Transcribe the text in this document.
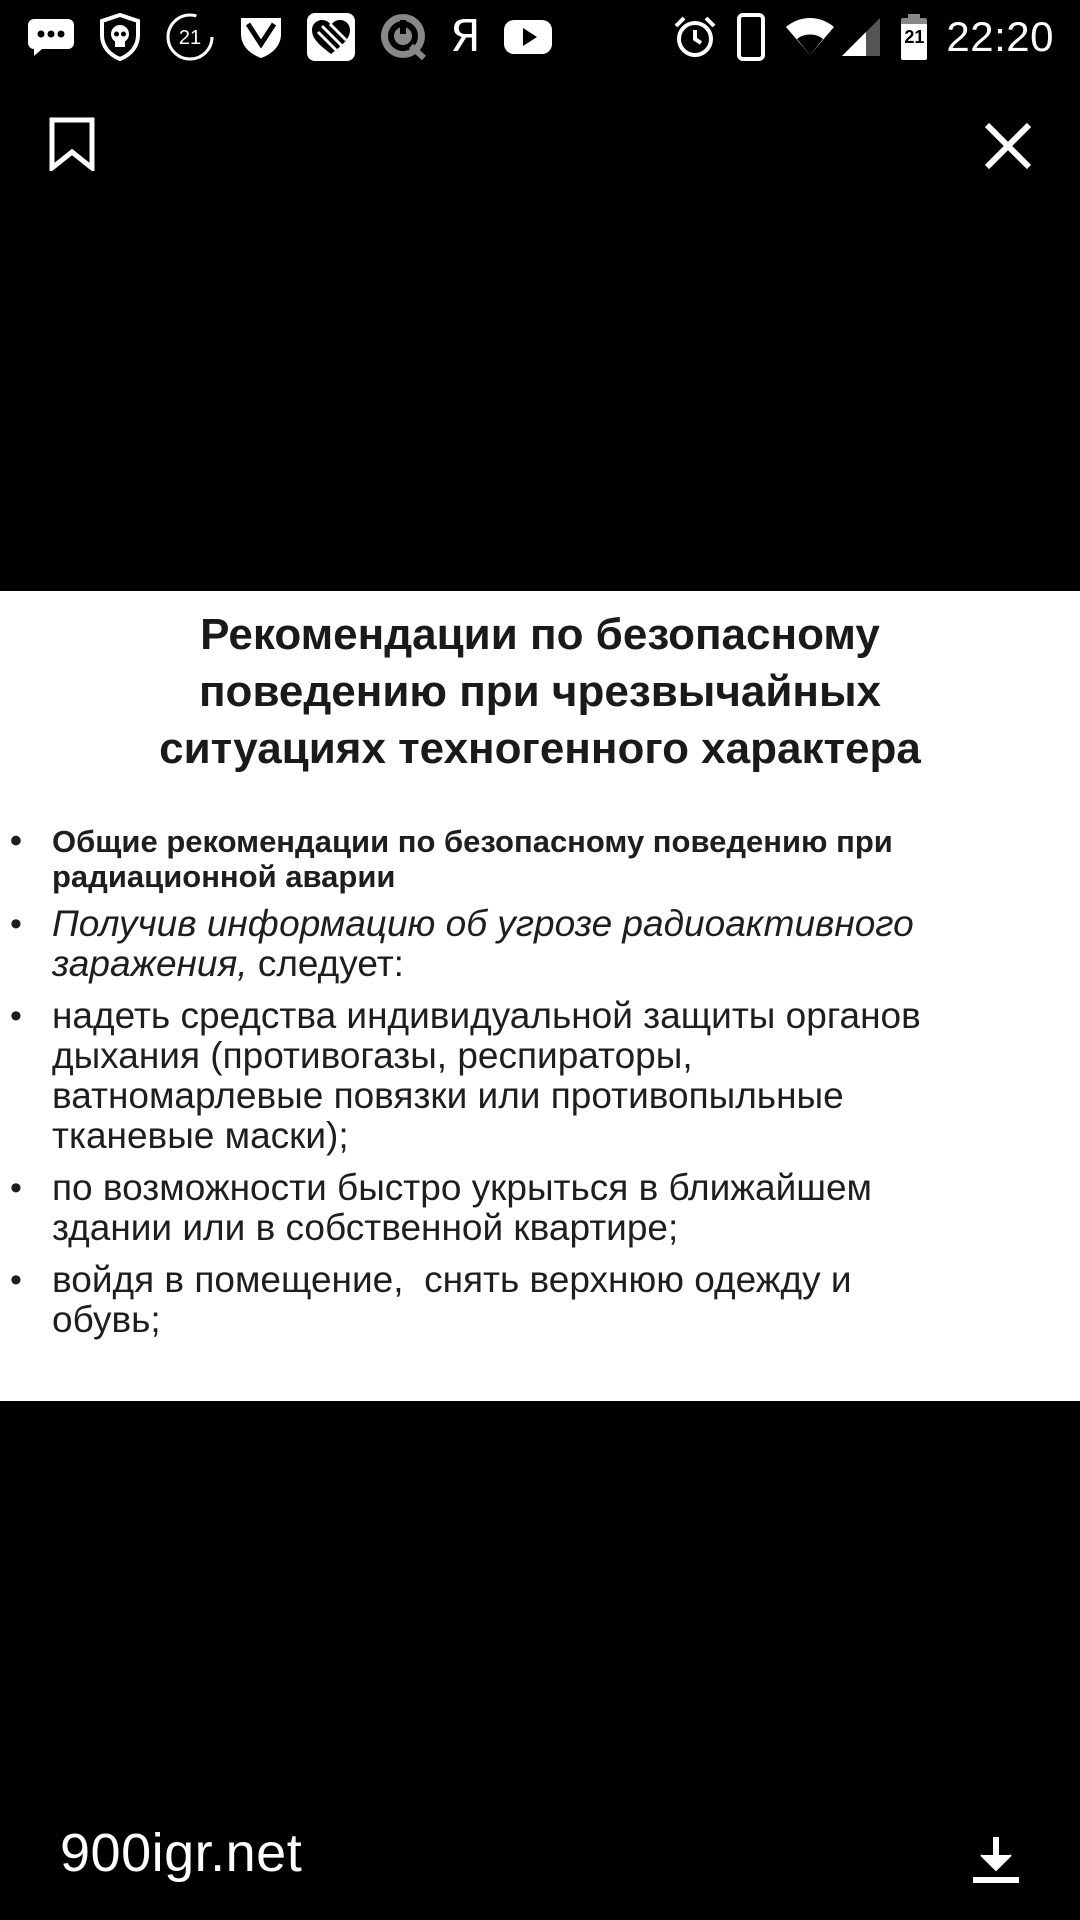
21	Я	21 22:20
Рекомендации по безопасному
поведению при чрезвычайных
ситуациях техногенного характера
• Общие рекомендации по безопасному поведению при
радиационной аварии
• Получив информацию об угрозе радиоактивного
заражения, следует:
• надеть средства индивидуальной защиты органов
дыхания (противогазы, респираторы,
ватномарлевые повязки или противопыльные
тканевые маски);
• по возможности быстро укрыться в ближайшем
здании или в собственной квартире;
• войдя в помещение,  снять верхнюю одежду и
обувь;
900igr.net
